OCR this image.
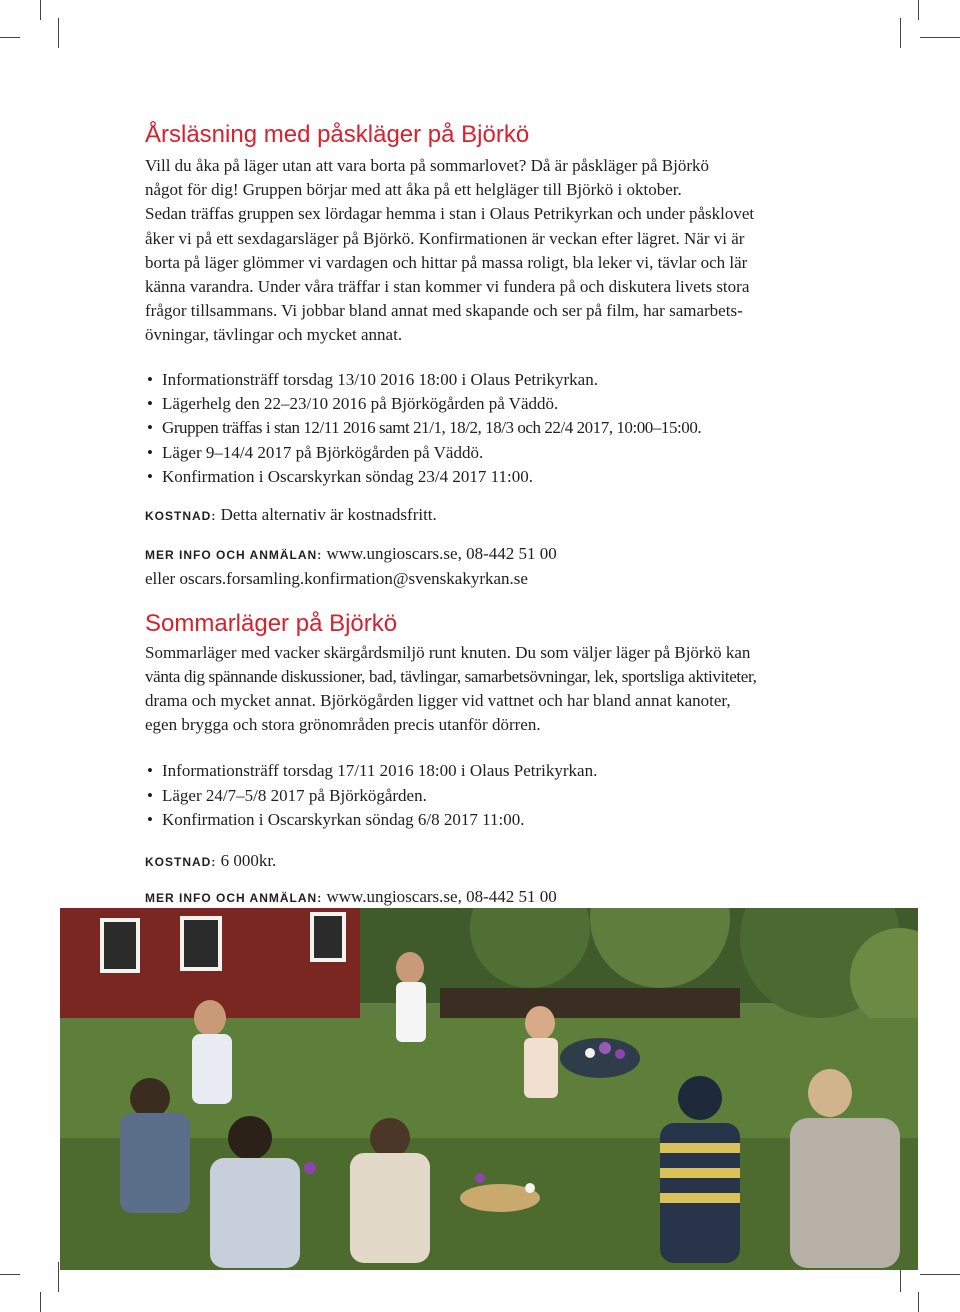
Årsläsning med påskläger på Björkö

Vill du åka på läger utan att vara borta på sommarlovet? Då är påskläger på Björkö
något för dig! Gruppen börjar med att åka på ett helgläger till Björkö i oktober.
Sedan träffas gruppen sex lördagar hemma i stan i Olaus Petrikyrkan och under påsklovet
åker vi på ett sexdagarsläger på Björkö. Konfirmationen är veckan efter lägret. När vi är
borta på läger glömmer vi vardagen och hittar på massa roligt, bla leker vi, tävlar och lär
känna varandra. Under våra träffar i stan kommer vi fundera på och diskutera livets stora
frågor tillsammans. Vi jobbar bland annat med skapande och ser på film, har samarbets-
övningar, tävlingar och mycket annat.

• Informationsträff torsdag 13/10 2016 18:00 i Olaus Petrikyrkan.
• Lägerhelg den 22–23/10 2016 på Björkögården på Väddö.
• Gruppen träffas i stan 12/11 2016 samt 21/1, 18/2, 18/3 och 22/4 2017, 10:00–15:00.
• Läger 9–14/4 2017 på Björkögården på Väddö.
• Konfirmation i Oscarskyrkan söndag 23/4 2017 11:00.

KOSTNAD: Detta alternativ är kostnadsfritt.

MER INFO OCH ANMÄLAN: www.ungioscars.se, 08-442 51 00
eller oscars.forsamling.konfirmation@svenskakyrkan.se

Sommarläger på Björkö

Sommarläger med vacker skärgårdsmiljö runt knuten. Du som väljer läger på Björkö kan
vänta dig spännande diskussioner, bad, tävlingar, samarbetsövningar, lek, sportsliga aktiviteter,
drama och mycket annat. Björkögården ligger vid vattnet och har bland annat kanoter,
egen brygga och stora grönområden precis utanför dörren.

• Informationsträff torsdag 17/11 2016 18:00 i Olaus Petrikyrkan.
• Läger 24/7–5/8 2017 på Björkögården.
• Konfirmation i Oscarskyrkan söndag 6/8 2017 11:00.

KOSTNAD: 6 000kr.

MER INFO OCH ANMÄLAN: www.ungioscars.se, 08-442 51 00
